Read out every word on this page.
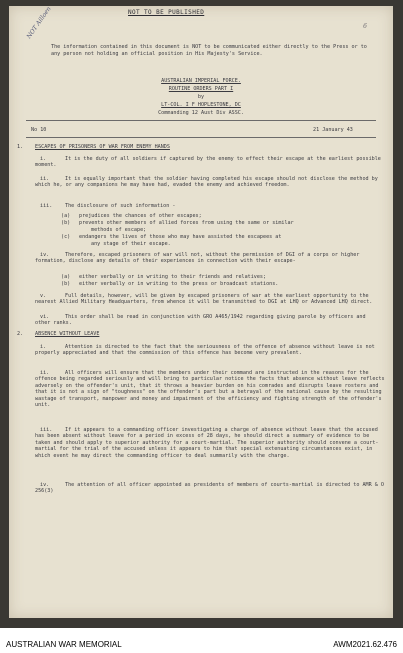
NOT TO BE PUBLISHED
NOT Ailloen	6
The information contained in this document is NOT to be communicated either directly to the Press or to any person not holding an official position in His Majesty's Service.
AUSTRALIAN IMPERIAL FORCE.
ROUTINE ORDERS PART I
by
LT-COL. I F HOPLESTONE, DC
Commanding 12 Aust Div ASSC.
No 10	21 January 43
1. ESCAPES OF PRISONERS OF WAR FROM ENEMY HANDS
i.	It is the duty of all soldiers if captured by the enemy to effect their escape at the earliest possible moment.
ii.	It is equally important that the soldier having completed his escape should not disclose the method by which he, or any companions he may have had, evaded the enemy and achieved freedom.
iii. The disclosure of such information -
(a) prejudices the chances of other escapes;
(b) prevents other members of allied forces from using the same or similar
methods of escape;
(c) endangers the lives of those who may have assisted the escapees at
any stage of their escape.
iv.	Therefore, escaped prisoners of war will not, without the permission of DGI of a corps or higher formation, disclose any details of their experiences in connection with their escape-
(a) either verbally or in writing to their friends and relatives;
(b) either verbally or in writing to the press or broadcast stations.
v.	Full details, however, will be given by escaped prisoners of war at the earliest opportunity to the nearest Allied Military Headquarters, from whence it will be transmitted to DGI at LHQ or Advanced LHQ direct.
vi.	This order shall be read in conjunction with GRO A465/1942 regarding giving parole by officers and other ranks.
2. ABSENCE WITHOUT LEAVE
i.	Attention is directed to the fact that the seriousness of the offence of absence without leave is not properly appreciated and that the commission of this offence has become very prevalent.
ii.	All officers will ensure that the members under their command are instructed in the reasons for the offence being regarded seriously and will bring to particular notice the facts that absence without leave reflects adversely on the offender's unit, that it throws a heavier burden on his comrades and disrupts leave rosters and that it is not a sign of "toughness" on the offender's part but a betrayal of the national cause by the resulting wastage of transport, manpower and money and impairment of the efficiency and fighting strength of the offender's unit.
iii.	If it appears to a commanding officer investigating a charge of absence without leave that the accused has been absent without leave for a period in excess of 28 days, he should direct a summary of evidence to be taken and should apply to superior authority for a court-martial. The superior authority should convene a court-martial for the trial of the accused unless it appears to him that special extenuating circumstances exist, in which event he may direct the commanding officer to deal summarily with the charge.
iv.	The attention of all officer appointed as presidents of members of courts-martial is directed to AMR & O 256(3)
AUSTRALIAN WAR MEMORIAL	AWM2021.62.476
